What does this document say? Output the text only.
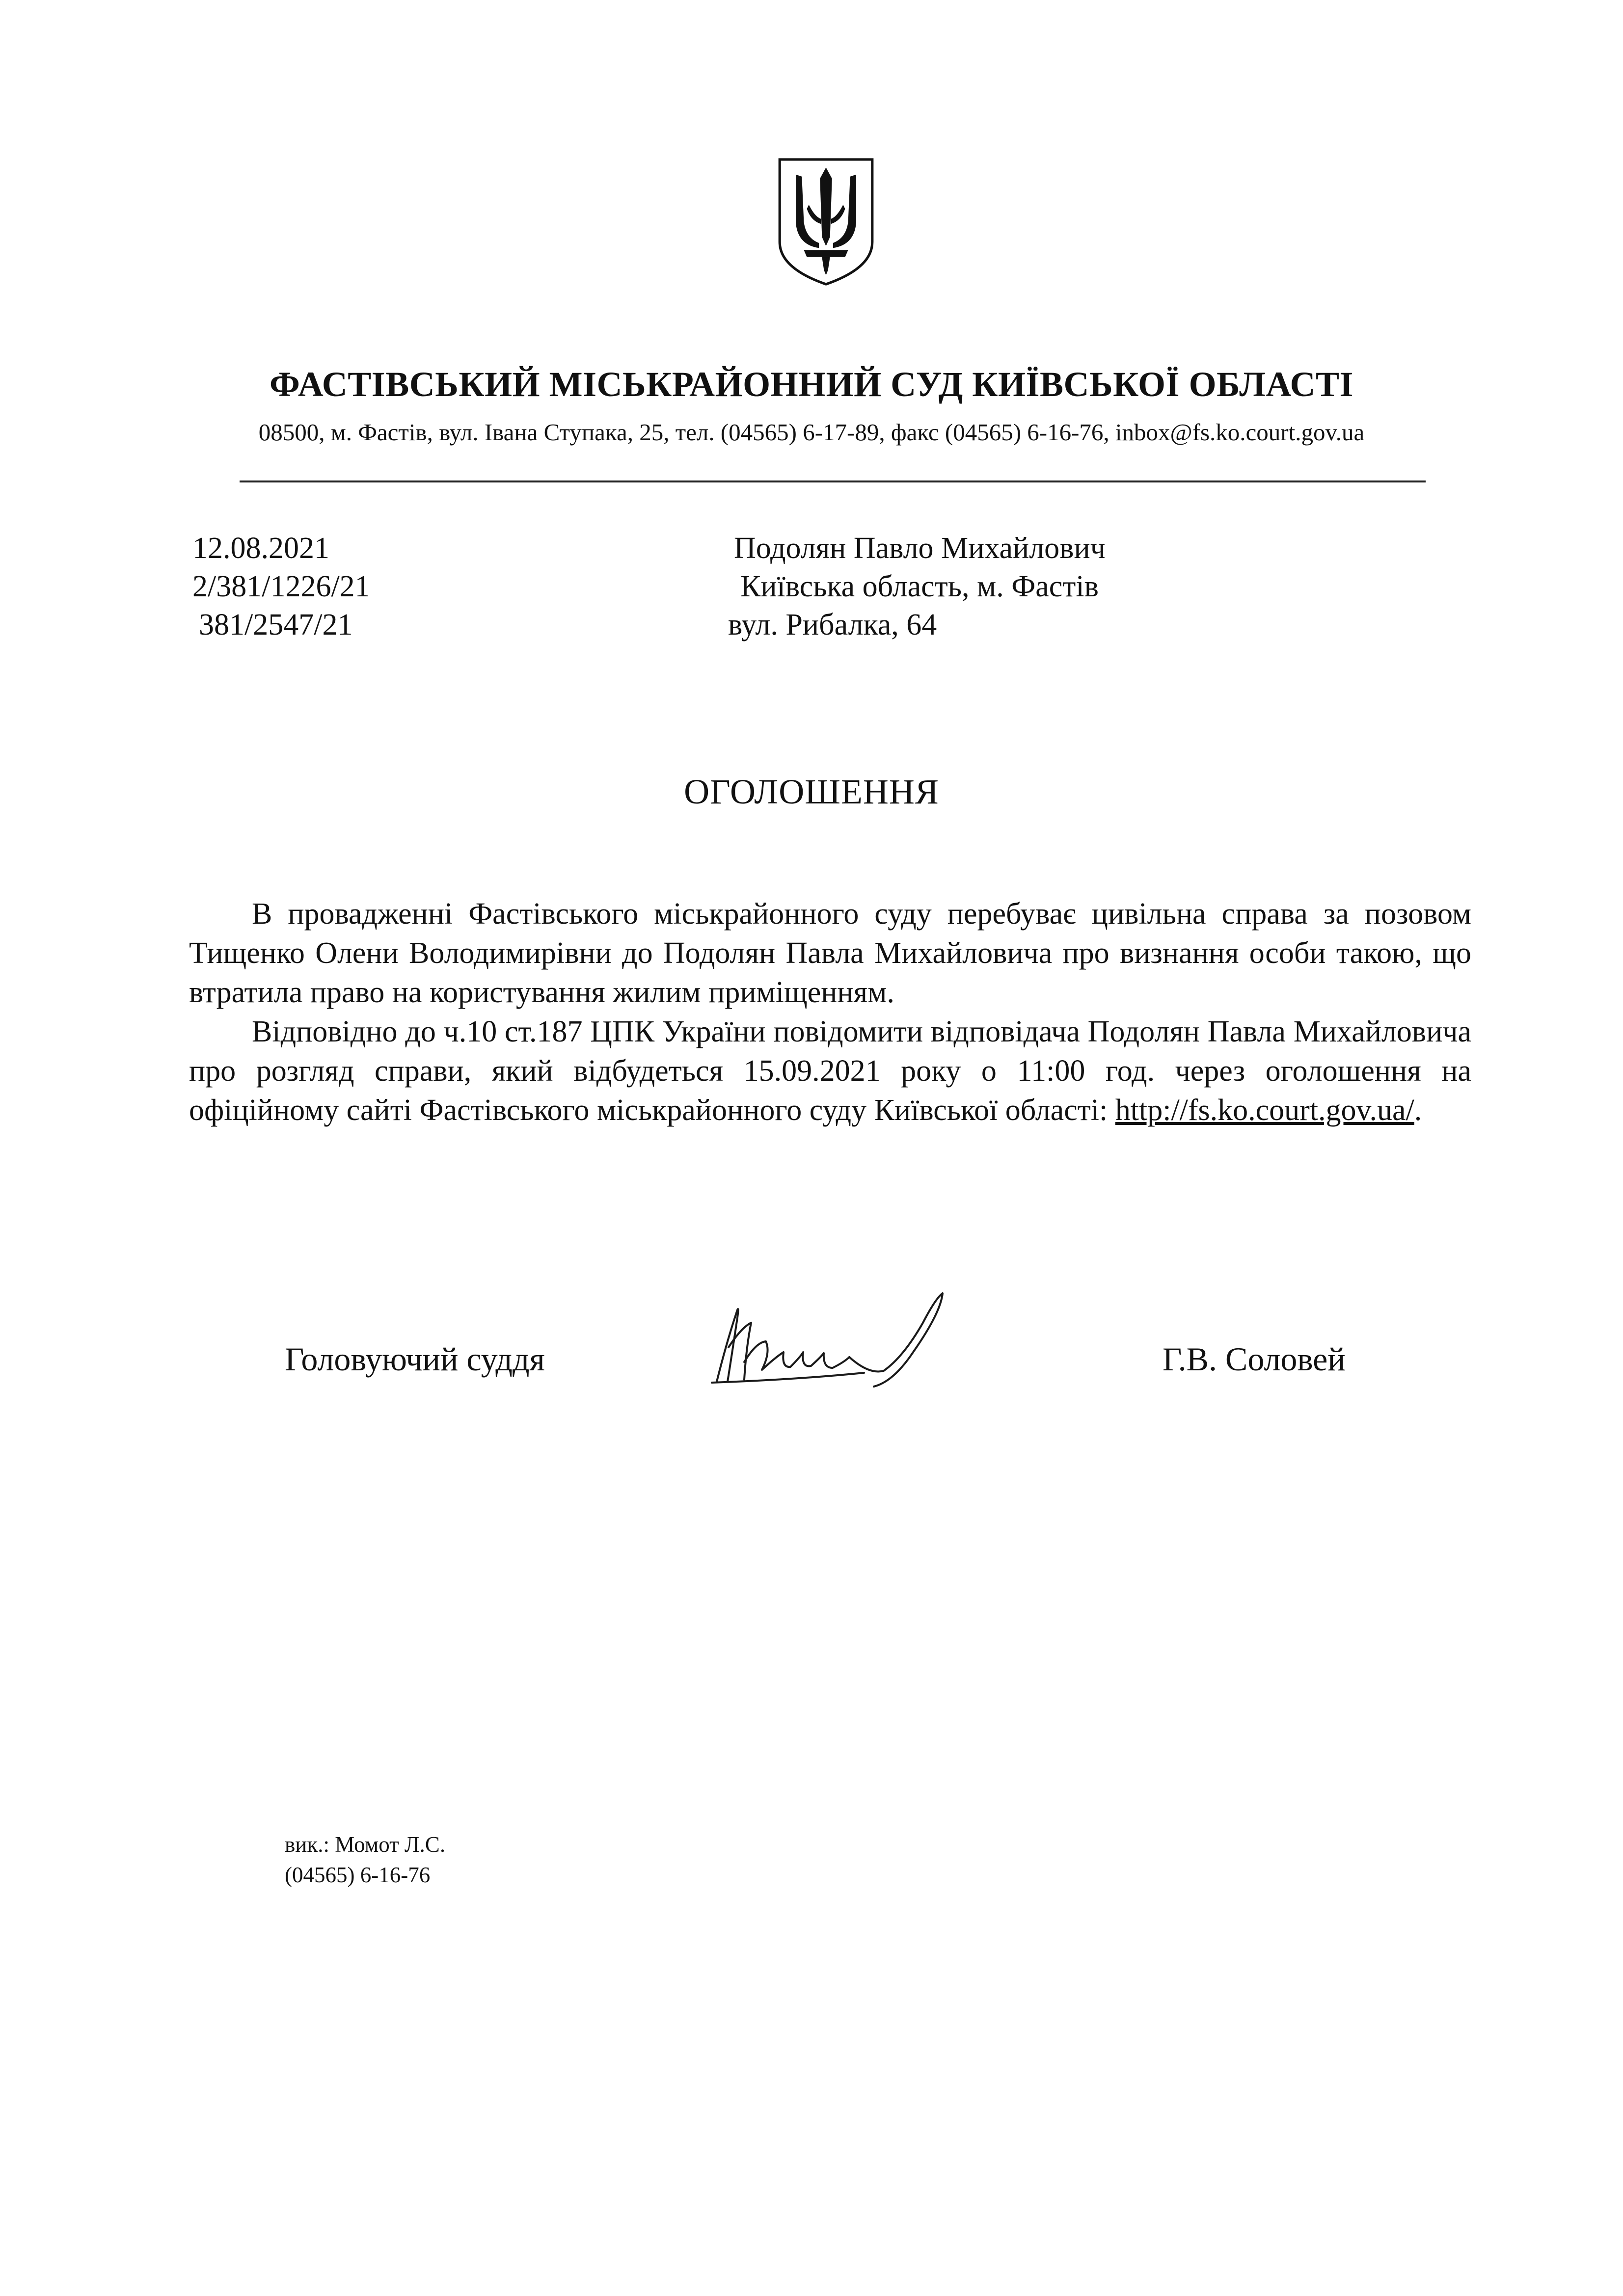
ФАСТІВСЬКИЙ МІСЬКРАЙОННИЙ СУД КИЇВСЬКОЇ ОБЛАСТІ
08500, м. Фастів, вул. Івана Ступака, 25, тел. (04565) 6-17-89, факс (04565) 6-16-76, inbox@fs.ko.court.gov.ua
12.08.2021
2/381/1226/21
381/2547/21
Подолян Павло Михайлович
Київська область, м. Фастів
вул. Рибалка, 64
ОГОЛОШЕННЯ

В провадженні Фастівського міськрайонного суду перебуває цивільна справа за позовом Тищенко Олени Володимирівни до Подолян Павла Михайловича про визнання особи такою, що втратила право на користування жилим приміщенням.

Відповідно до ч.10 ст.187 ЦПК України повідомити відповідача Подолян Павла Михайловича про розгляд справи, який відбудеться 15.09.2021 року о 11:00 год. через оголошення на офіційному сайті Фастівського міськрайонного суду Київської області: http://fs.ko.court.gov.ua/.

Головуючий суддя	Г.В. Соловей
вик.: Момот Л.С.
(04565) 6-16-76
